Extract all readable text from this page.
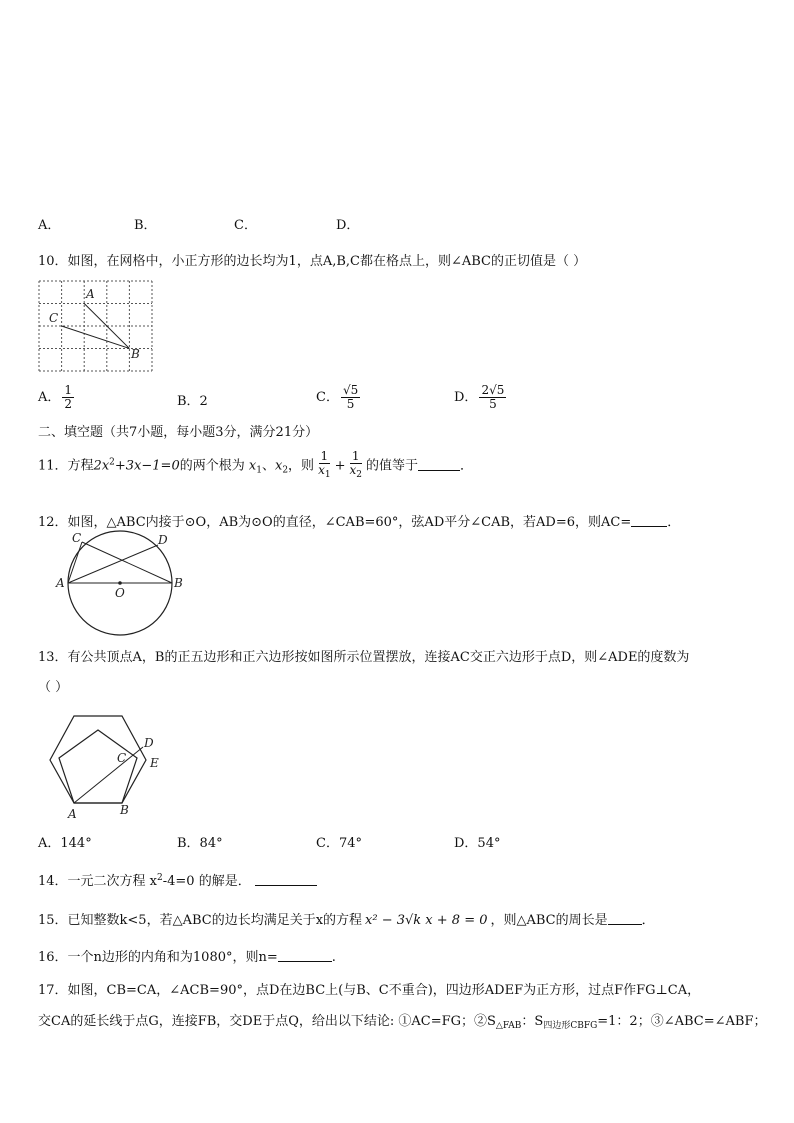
A．	B．	C．	D．
10．如图，在网格中，小正方形的边长均为1，点A,B,C都在格点上，则∠ABC的正切值是（ ）
A
C
B
A． $\frac{1}{2}$	B．2	C． $\frac{√5}{5}$	D． $\frac{2√5}{5}$
二、填空题（共7小题，每小题3分，满分21分）
11．方程$2x^2+3x-1=0$的两个根为 $x_1$、$x_2$，则 $\frac{1}{x_1} + \frac{1}{x_2}$ 的值等于	．
12．如图，△ABC内接于⊙O，AB为⊙O的直径，∠CAB=60°，弦AD平分∠CAB，若AD=6，则AC=	．
A	B
C	D
O
13．有公共顶点A，B的正五边形和正六边形按如图所示位置摆放，连接AC交正六边形于点D，则∠ADE的度数为
（ ）
A	B
C
D
E
A．144°	B．84°	C．74°	D．54°
14．一元二次方程 $x^2-4=0$ 的解是．
15．已知整数k<5，若△ABC的边长均满足关于x的方程 x² − 3√k x + 8 = 0 ，则△ABC的周长是	．
16．一个n边形的内角和为1080°，则n=	.
17．如图，CB=CA，∠ACB=90°，点D在边BC上(与B、C不重合)，四边形ADEF为正方形，过点F作FG⊥CA，
交CA的延长线于点G，连接FB，交DE于点Q，给出以下结论: ①AC=FG；$②S_{\triangle FAB}$：$S_{四边形CBFG}=1$：2；③∠ABC=∠ABF；
